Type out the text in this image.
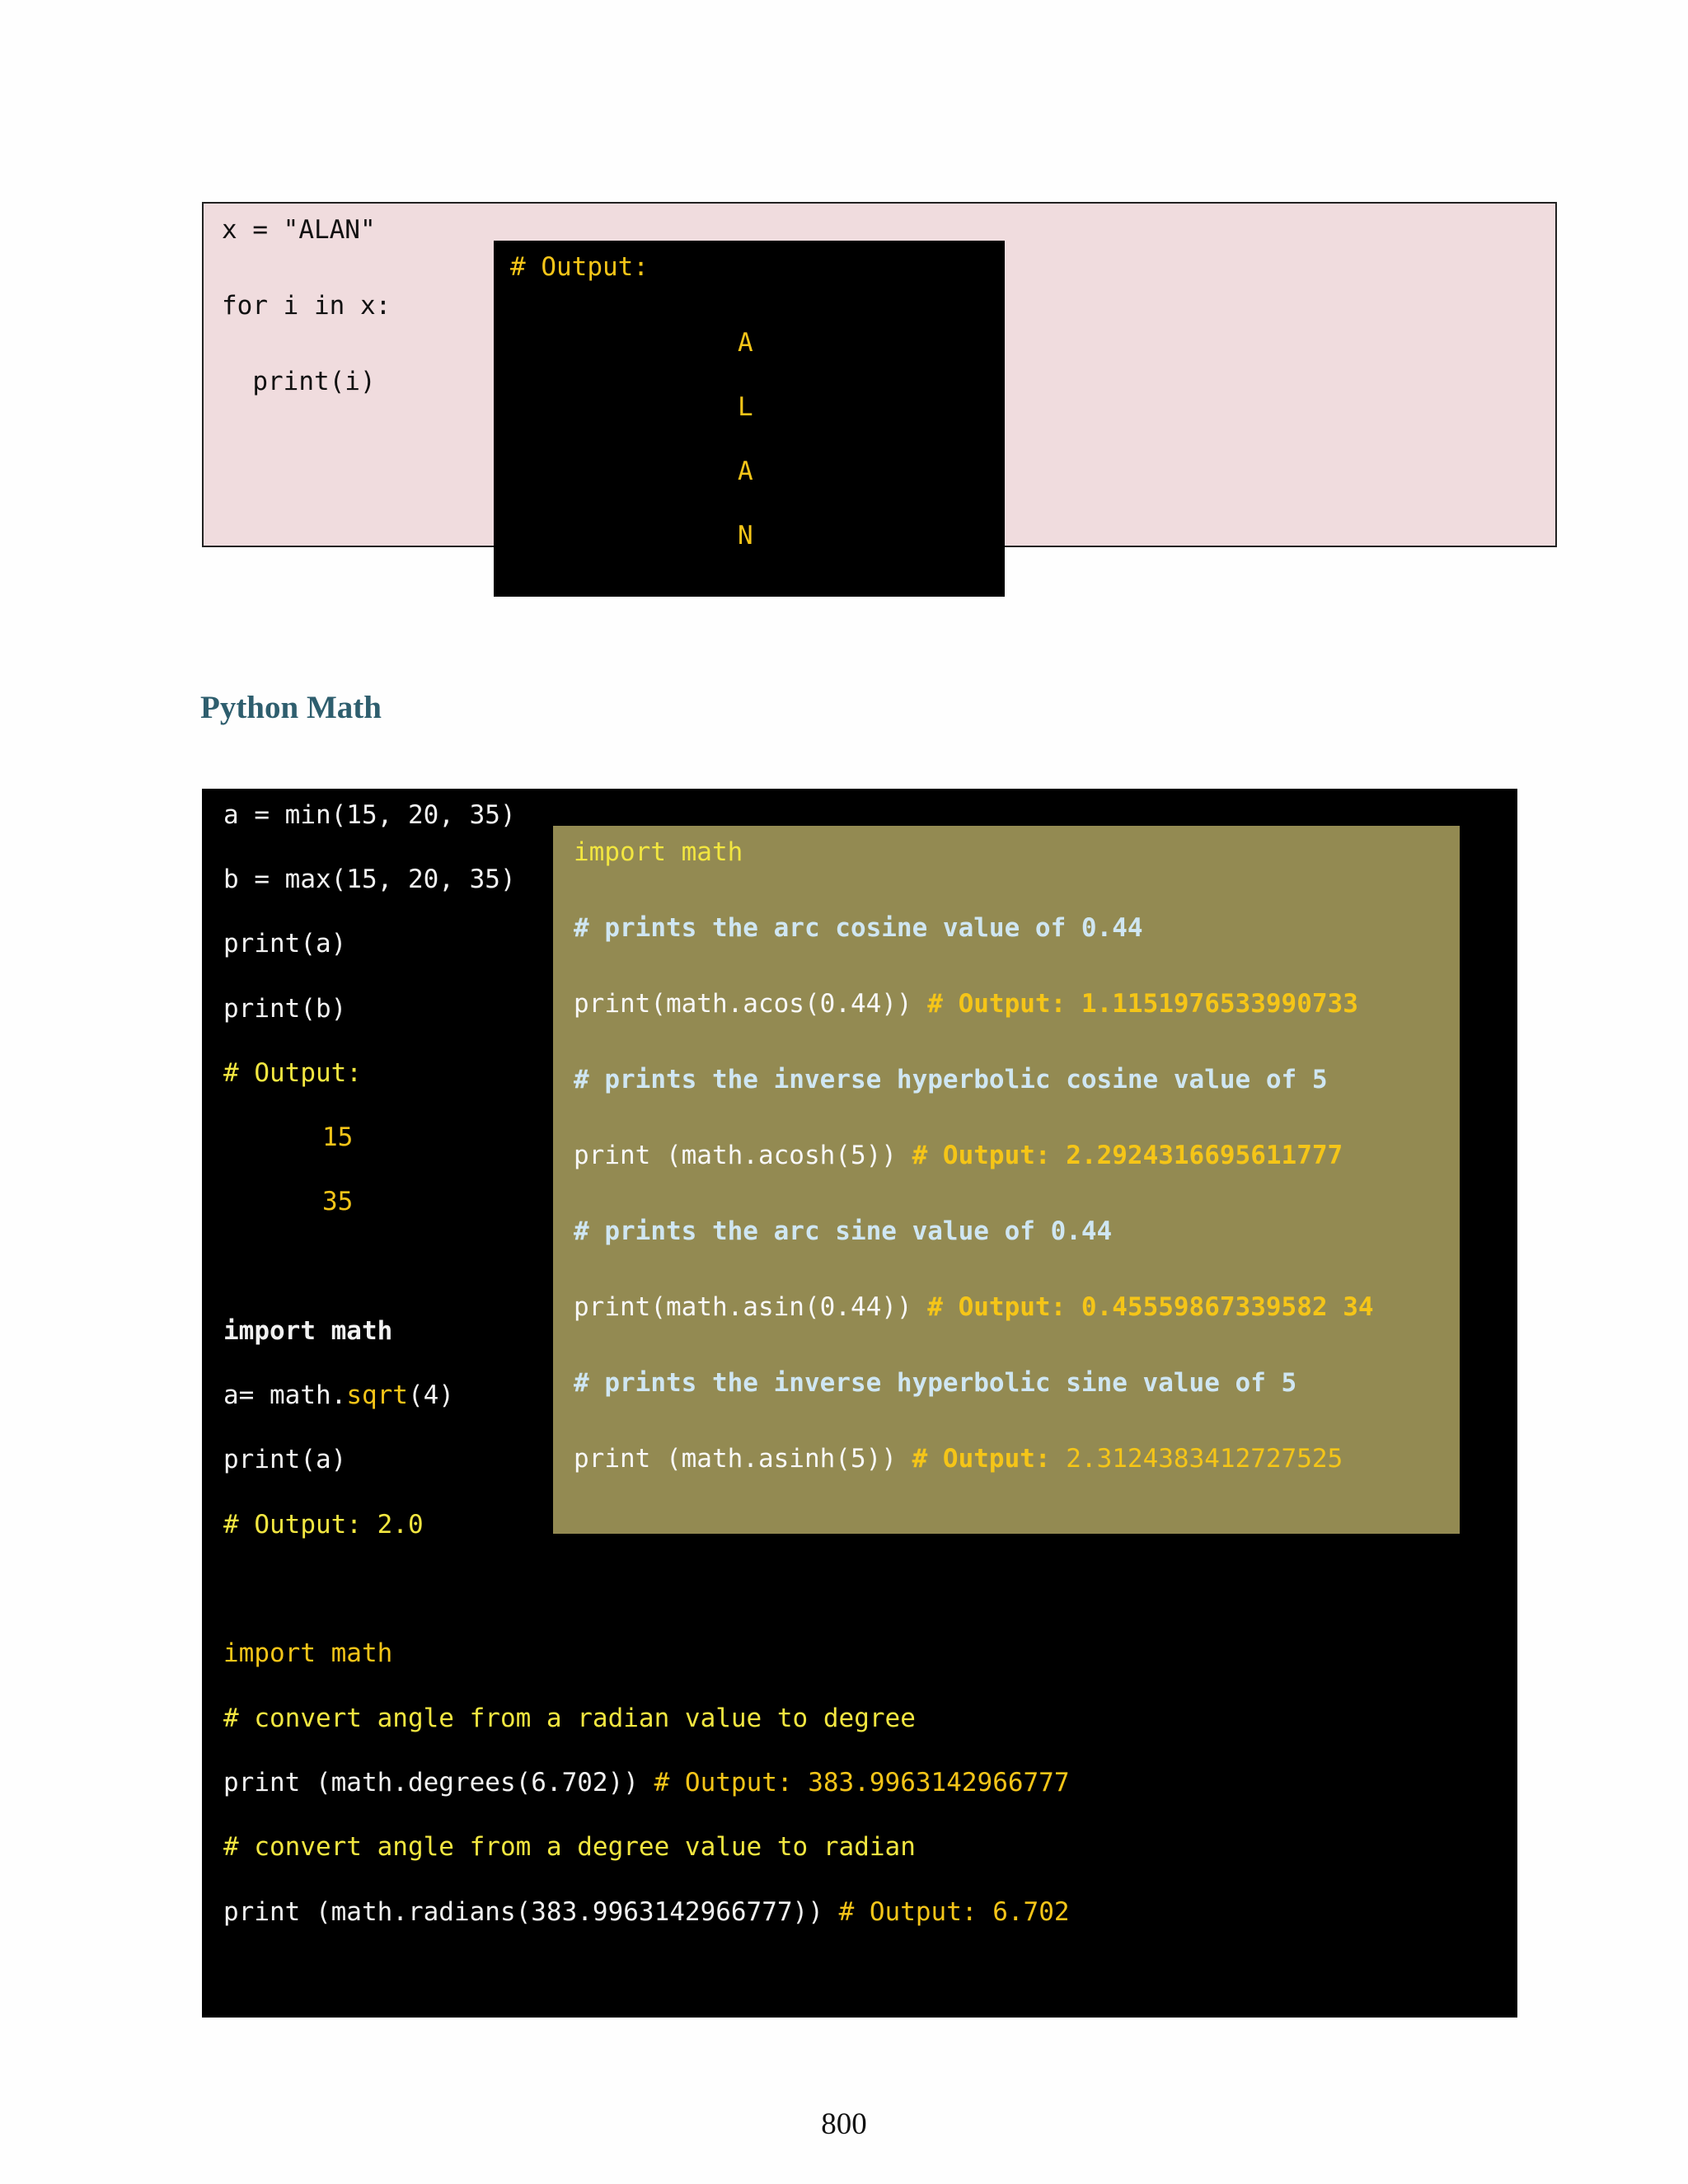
x = "ALAN"
for i in x:
print(i)
# Output:
A
L
A
N
Python Math
a = min(15, 20, 35)
b = max(15, 20, 35)
print(a)
print(b)
# Output:
15
35
import math
a= math.sqrt(4)
print(a)
# Output: 2.0
import math
# convert angle from a radian value to degree
print (math.degrees(6.702)) # Output: 383.9963142966777
# convert angle from a degree value to radian
print (math.radians(383.9963142966777)) # Output: 6.702
import math
# prints the arc cosine value of 0.44
print(math.acos(0.44)) # Output: 1.1151976533990733
# prints the inverse hyperbolic cosine value of 5
print (math.acosh(5)) # Output: 2.2924316695611777
# prints the arc sine value of 0.44
print(math.asin(0.44)) # Output: 0.45559867339582 34
# prints the inverse hyperbolic sine value of 5
print (math.asinh(5)) # Output: 2.3124383412727525
800
